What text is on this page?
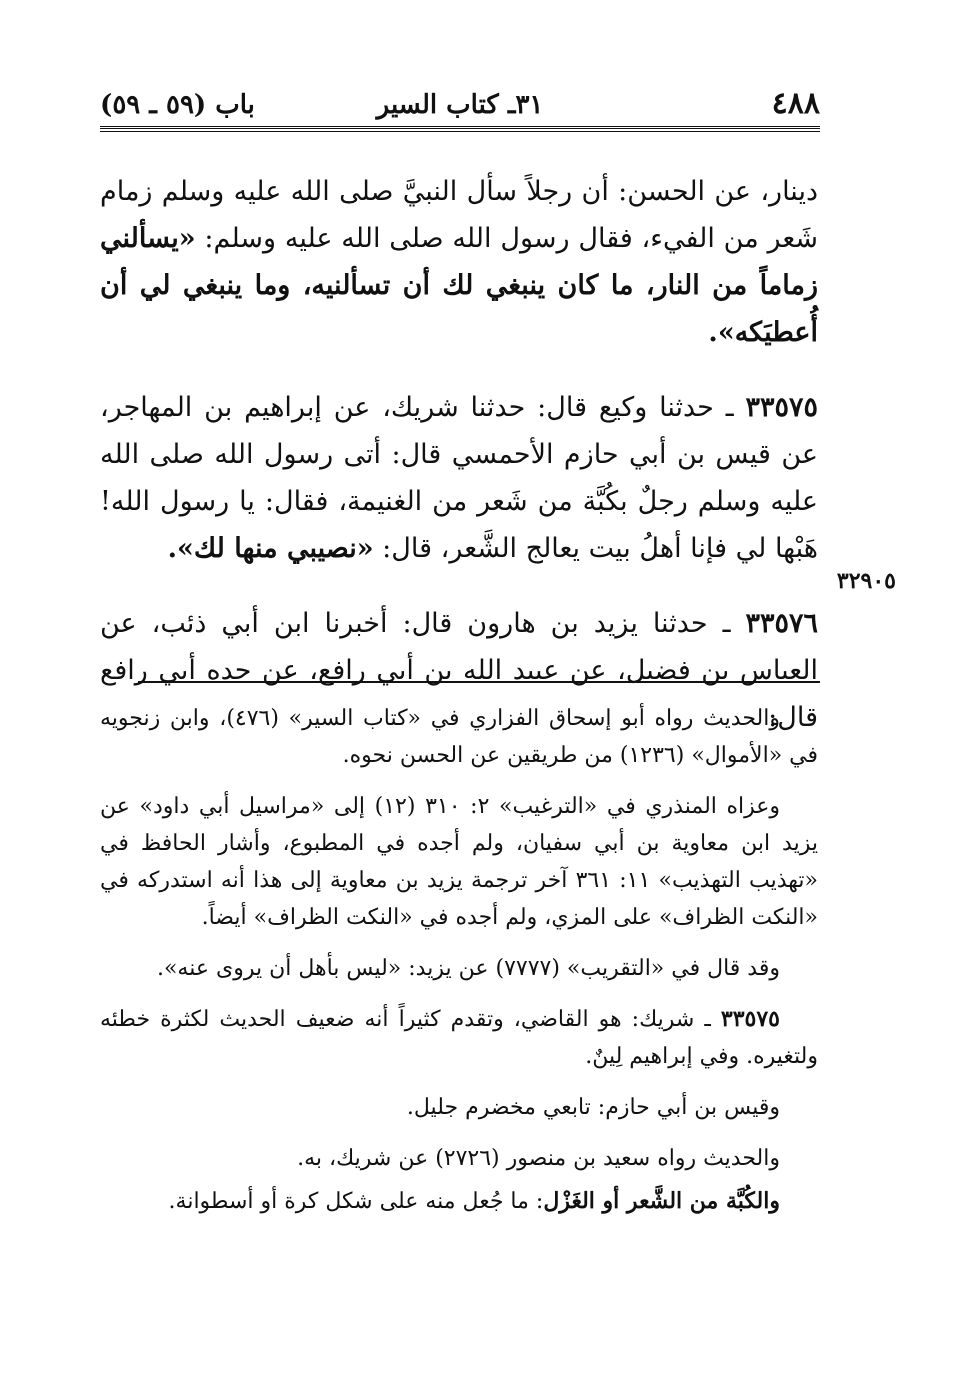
٤٨٨
٣١ـ كتاب السير
باب (٥٩ ـ ٥٩)

دينار، عن الحسن: أن رجلاً سأل النبيَّ صلى الله عليه وسلم زمام شَعر من الفيء، فقال رسول الله صلى الله عليه وسلم: «يسألني زماماً من النار، ما كان ينبغي لك أن تسألنيه، وما ينبغي لي أن أُعطيَكه».

٣٣٥٧٥ ـ حدثنا وكيع قال: حدثنا شريك، عن إبراهيم بن المهاجر، عن قيس بن أبي حازم الأحمسي قال: أتى رسول الله صلى الله عليه وسلم رجلٌ بكُبَّة من شَعر من الغنيمة، فقال: يا رسول الله! هَبْها لي فإنا أهلُ بيت يعالج الشَّعر، قال: «نصيبي منها لك».

٣٣٥٧٦ ـ حدثنا يزيد بن هارون قال: أخبرنا ابن أبي ذئب، عن العباس بن فضيل، عن عبيد الله بن أبي رافع، عن جده أبي رافع قال:

٣٢٩٠٥

والحديث رواه أبو إسحاق الفزاري في «كتاب السير» (٤٧٦)، وابن زنجويه في «الأموال» (١٢٣٦) من طريقين عن الحسن نحوه.

وعزاه المنذري في «الترغيب» ٢: ٣١٠ (١٢) إلى «مراسيل أبي داود» عن يزيد ابن معاوية بن أبي سفيان، ولم أجده في المطبوع، وأشار الحافظ في «تهذيب التهذيب» ١١: ٣٦١ آخر ترجمة يزيد بن معاوية إلى هذا أنه استدركه في «النكت الظراف» على المزي، ولم أجده في «النكت الظراف» أيضاً.

وقد قال في «التقريب» (٧٧٧٧) عن يزيد: «ليس بأهل أن يروى عنه».

٣٣٥٧٥ ـ شريك: هو القاضي، وتقدم كثيراً أنه ضعيف الحديث لكثرة خطئه ولتغيره. وفي إبراهيم لِينٌ.

وقيس بن أبي حازم: تابعي مخضرم جليل.

والحديث رواه سعيد بن منصور (٢٧٢٦) عن شريك، به.

والكُبَّة من الشَّعر أو الغَزْل: ما جُعل منه على شكل كرة أو أسطوانة.
